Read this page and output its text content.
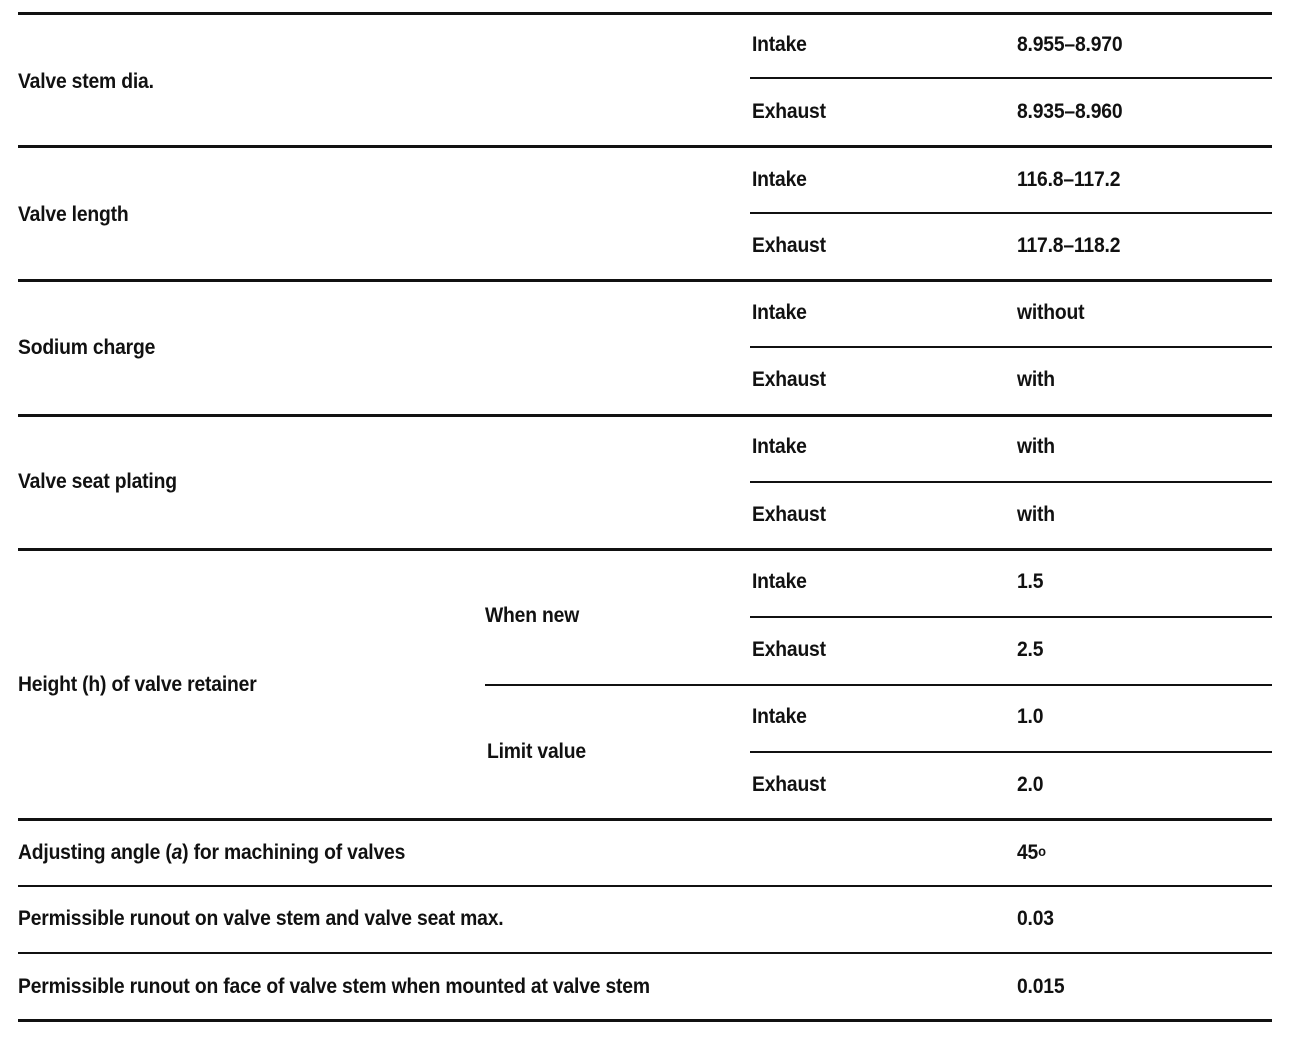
Valve stem dia.
Intake	8.955–8.970
Exhaust	8.935–8.960
Valve length
Intake	116.8–117.2
Exhaust	117.8–118.2
Sodium charge
Intake	without
Exhaust	with
Valve seat plating
Intake	with
Exhaust	with
Height (h) of valve retainer
When new
Intake	1.5
Exhaust	2.5
Limit value
Intake	1.0
Exhaust	2.0
Adjusting angle (a) for machining of valves	45$^o$
Permissible runout on valve stem and valve seat max.	0.03
Permissible runout on face of valve stem when mounted at valve stem	0.015
